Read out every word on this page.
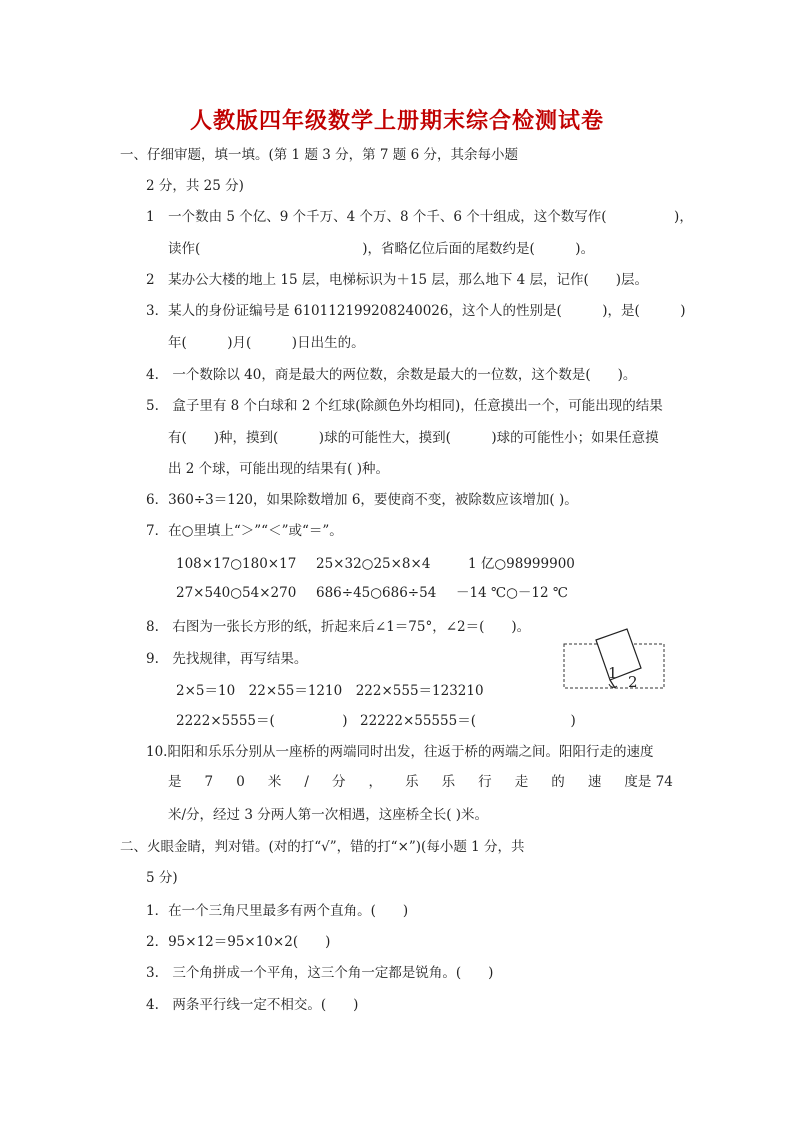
人教版四年级数学上册期末综合检测试卷
一、仔细审题，填一填。(第 1 题 3 分，第 7 题 6 分，其余每小题
2 分，共 25 分)
1　一个数由 5 个亿、9 个千万、4 个万、8 个千、6 个十组成，这个数写作(　　　　　)，
读作(　　　　　　　　　　　　)，省略亿位后面的尾数约是(　　　)。
2　某办公大楼的地上 15 层，电梯标识为＋15 层，那么地下 4 层，记作(　　)层。
3．某人的身份证编号是 610112199208240026，这个人的性别是(　　　)，是(　　　)
年(　　　)月(　　　)日出生的。
4.　一个数除以 40，商是最大的两位数，余数是最大的一位数，这个数是(　　)。
5.　盒子里有 8 个白球和 2 个红球(除颜色外均相同)，任意摸出一个，可能出现的结果
有(　　)种，摸到(　　　)球的可能性大，摸到(　　　)球的可能性小；如果任意摸
出 2 个球，可能出现的结果有( )种。
6．360÷3＝120，如果除数增加 6，要使商不变，被除数应该增加( )。
7．在○里填上“＞”“＜”或“＝”。
108×17○180×17 25×32○25×8×4	1 亿○98999900
27×540○54×270 686÷45○686÷54 －14 ℃○－12 ℃
8.　右图为一张长方形的纸，折起来后∠1＝75°，∠2＝(　　)。
1 2
9.　先找规律，再写结果。
2×5＝10　22×55＝1210　222×555＝123210
2222×5555＝(　　　　　) 22222×55555＝(　　　　　　　)
10.阳阳和乐乐分别从一座桥的两端同时出发，往返于桥的两端之间。阳阳行走的速度
是 7 0 米 / 分 ， 乐 乐 行 走 的 速 度是 74
米/分，经过 3 分两人第一次相遇，这座桥全长( )米。
二、火眼金睛，判对错。(对的打“√”，错的打“×”)(每小题 1 分，共
5 分)
1．在一个三角尺里最多有两个直角。(　　)
2．95×12＝95×10×2(　　)
3.　三个角拼成一个平角，这三个角一定都是锐角。(　　)
4.　两条平行线一定不相交。(　　)
